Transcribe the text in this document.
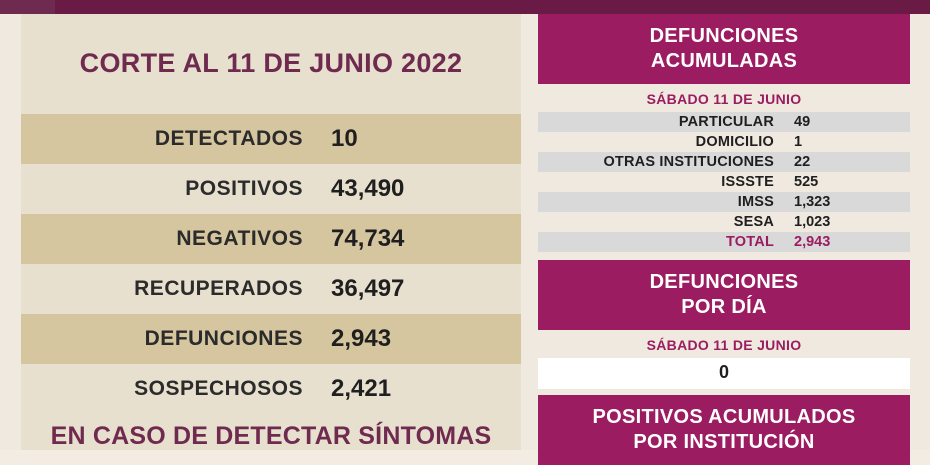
CORTE AL 11 DE JUNIO 2022
DETECTADOS	10
POSITIVOS	43,490
NEGATIVOS	74,734
RECUPERADOS	36,497
DEFUNCIONES	2,943
SOSPECHOSOS	2,421
EN CASO DE DETECTAR SÍNTOMAS
DEFUNCIONES
ACUMULADAS
SÁBADO 11 DE JUNIO
PARTICULAR	49
DOMICILIO	1
OTRAS INSTITUCIONES	22
ISSSTE	525
IMSS	1,323
SESA	1,023
TOTAL	2,943
DEFUNCIONES
POR DÍA
SÁBADO 11 DE JUNIO
0
POSITIVOS ACUMULADOS
POR INSTITUCIÓN
